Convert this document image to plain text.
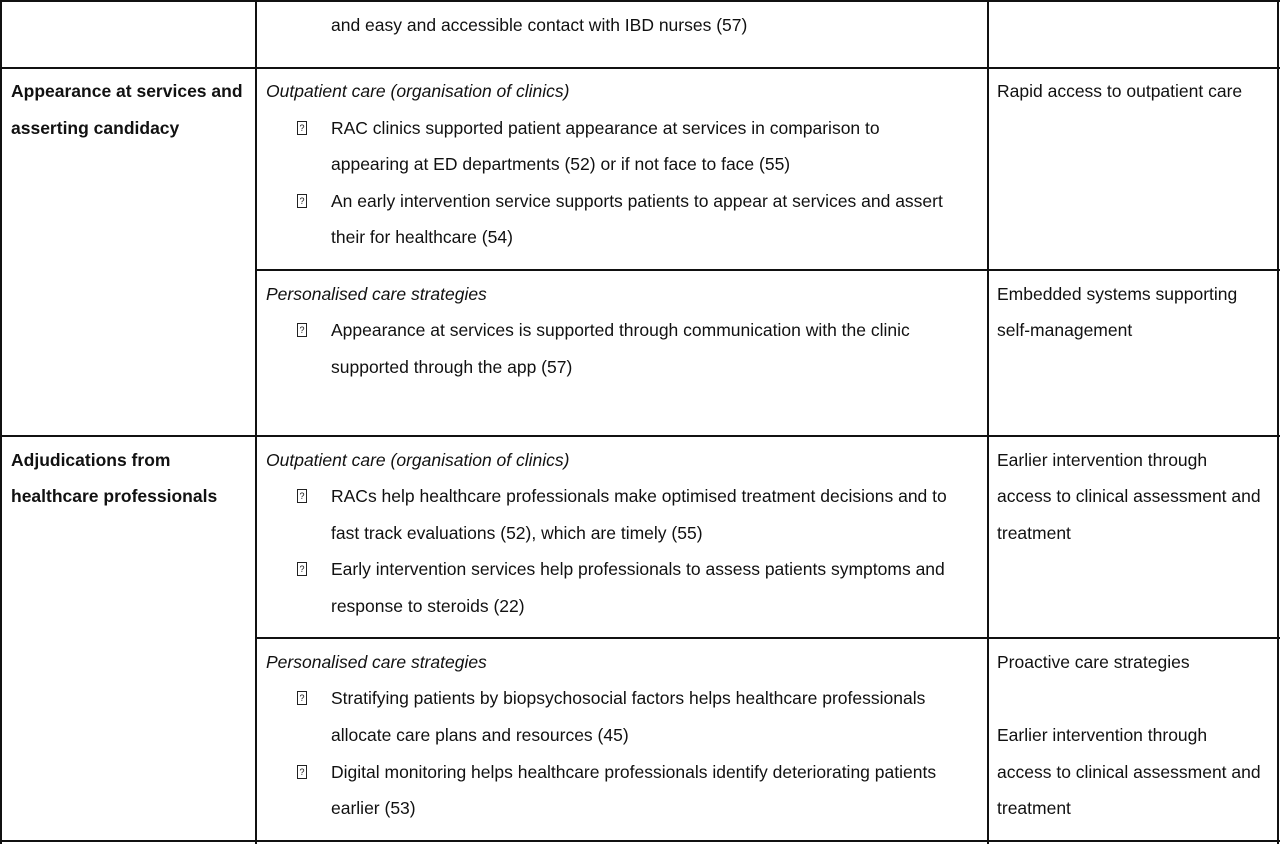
and easy and accessible contact with IBD nurses (57)
Appearance at services and
asserting candidacy
Outpatient care (organisation of clinics)
? RAC clinics supported patient appearance at services in comparison to
appearing at ED departments (52) or if not face to face (55)
? An early intervention service supports patients to appear at services and assert
their for healthcare (54)
Rapid access to outpatient care
Personalised care strategies
? Appearance at services is supported through communication with the clinic
supported through the app (57)
Embedded systems supporting
self-management
Adjudications from
healthcare professionals
Outpatient care (organisation of clinics)
? RACs help healthcare professionals make optimised treatment decisions and to
fast track evaluations (52), which are timely (55)
? Early intervention services help professionals to assess patients symptoms and
response to steroids (22)
Earlier intervention through
access to clinical assessment and
treatment
Personalised care strategies
? Stratifying patients by biopsychosocial factors helps healthcare professionals
allocate care plans and resources (45)
? Digital monitoring helps healthcare professionals identify deteriorating patients
earlier (53)
Proactive care strategies
Earlier intervention through
access to clinical assessment and
treatment
